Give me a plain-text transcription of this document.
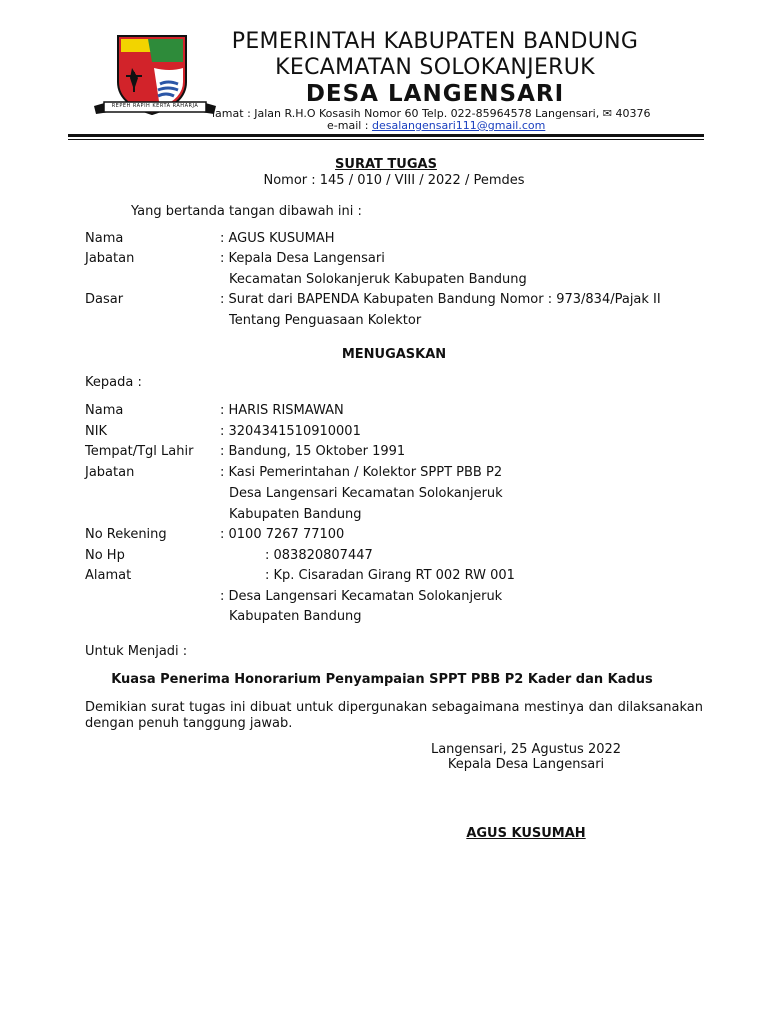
REPEH RAPIH KERTA RAHARJA
PEMERINTAH KABUPATEN BANDUNG
KECAMATAN SOLOKANJERUK
DESA LANGENSARI
lamat : Jalan R.H.O Kosasih Nomor 60 Telp. 022-85964578 Langensari, ✉ 40376
e-mail : desalangensari111@gmail.com
SURAT TUGAS
Nomor : 145 / 010 / VIII / 2022 / Pemdes
Yang bertanda tangan dibawah ini :
Nama	: AGUS KUSUMAH
Jabatan	: Kepala Desa Langensari
Kecamatan Solokanjeruk Kabupaten Bandung
Dasar	: Surat dari BAPENDA Kabupaten Bandung Nomor : 973/834/Pajak II
Tentang Penguasaan Kolektor
MENUGASKAN
Kepada :
Nama	: HARIS RISMAWAN
NIK	: 3204341510910001
Tempat/Tgl Lahir : Bandung, 15 Oktober 1991
Jabatan	: Kasi Pemerintahan / Kolektor SPPT PBB P2
Desa Langensari Kecamatan Solokanjeruk
Kabupaten Bandung
No Rekening	: 0100 7267 77100
No Hp	: 083820807447
Alamat	: Kp. Cisaradan Girang RT 002 RW 001
: Desa Langensari Kecamatan Solokanjeruk
Kabupaten Bandung
Untuk Menjadi :
Kuasa Penerima Honorarium Penyampaian SPPT PBB P2 Kader dan Kadus
Demikian surat tugas ini dibuat untuk dipergunakan sebagaimana mestinya dan dilaksanakan dengan penuh tanggung jawab.
Langensari, 25 Agustus 2022
Kepala Desa Langensari
AGUS KUSUMAH
